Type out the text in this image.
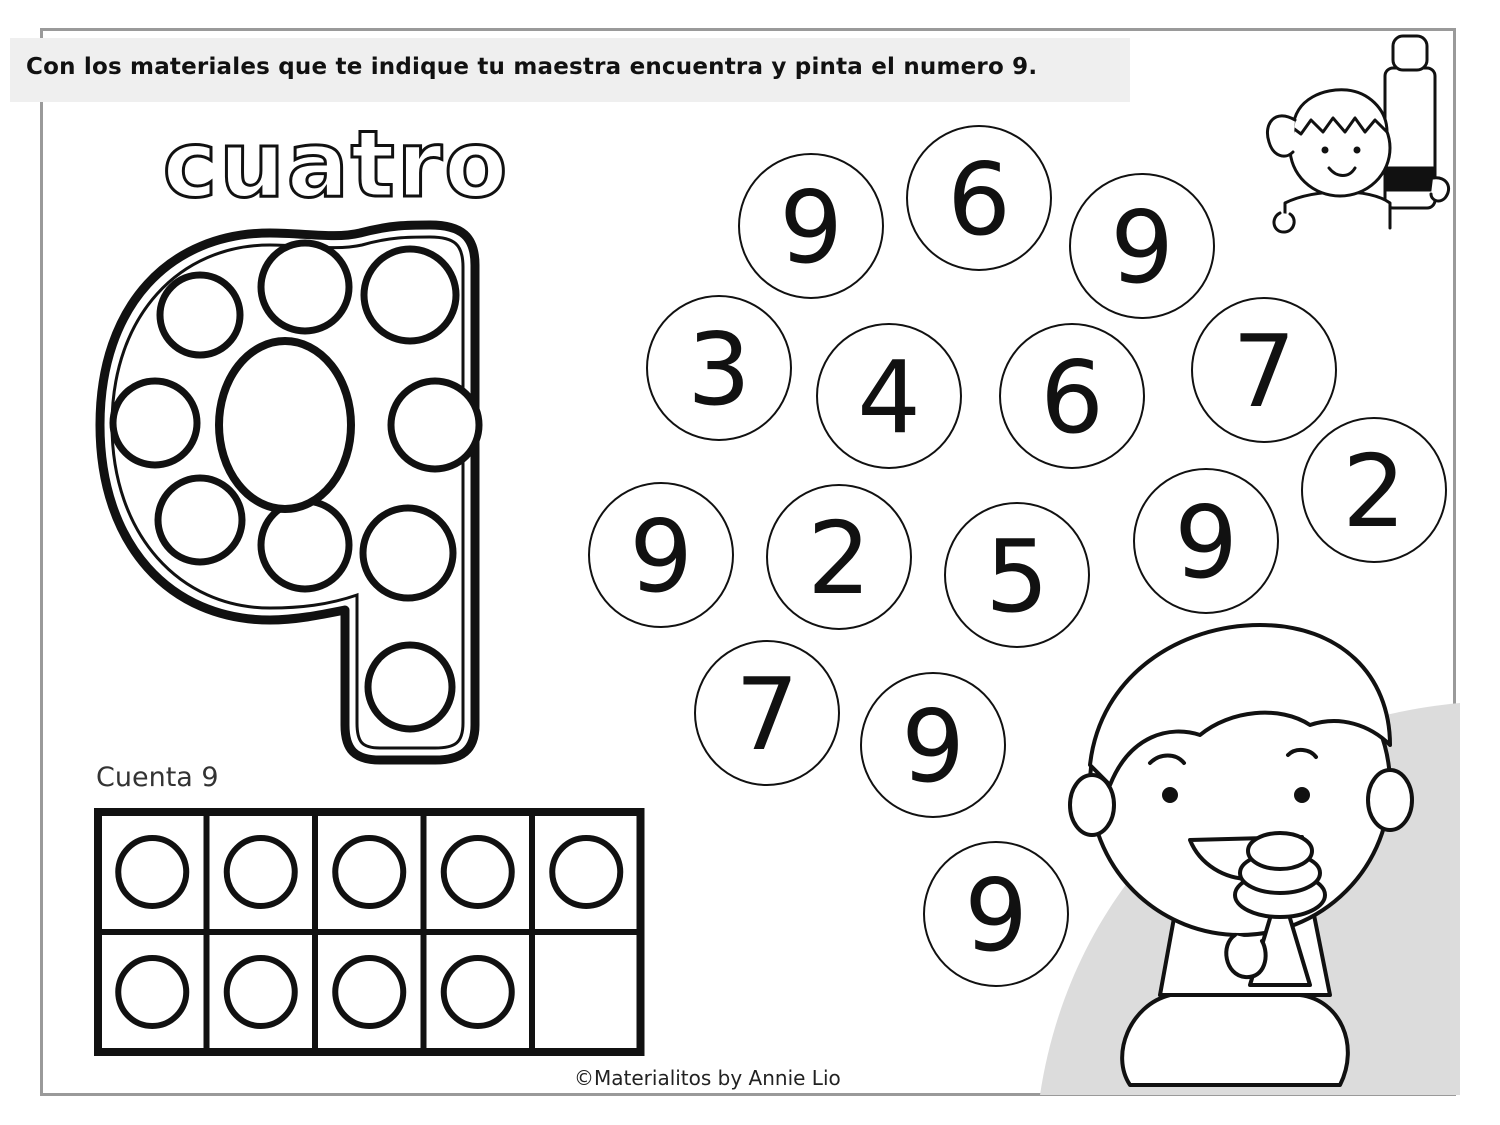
Con los materiales que te indique tu maestra encuentra y pinta el numero 9.
cuatro
Cuenta 9
9 6 9
3 4 6 7
9 2 5 9 2
7 9
9
©Materialitos by Annie Lio
